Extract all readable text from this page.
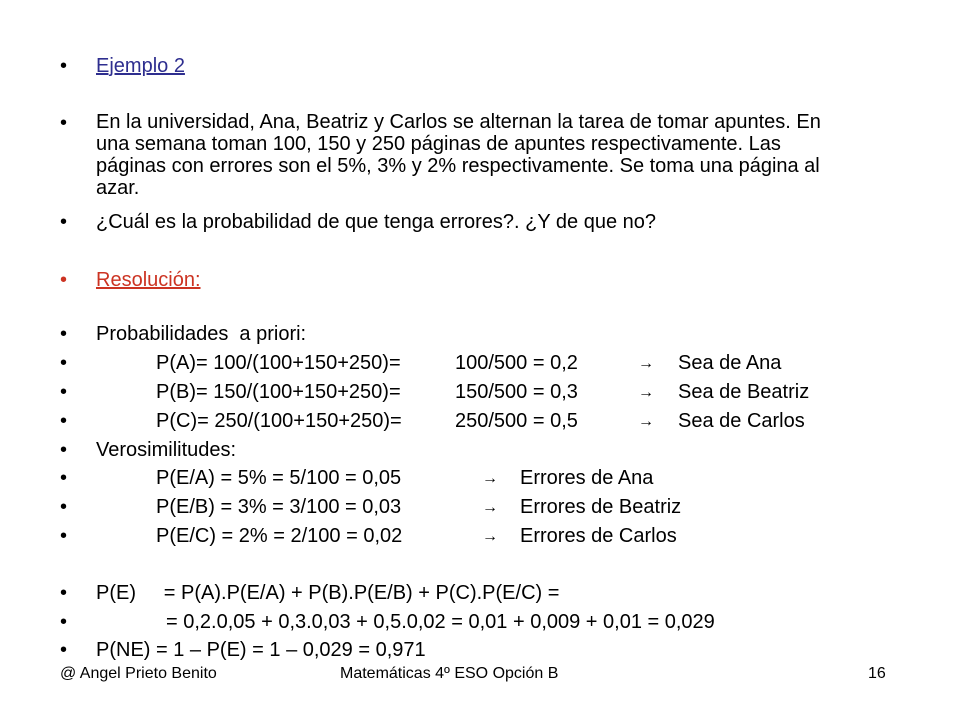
• Ejemplo 2
• En la universidad, Ana, Beatriz y Carlos se alternan la tarea de tomar apuntes. En una semana toman 100, 150 y 250 páginas de apuntes respectivamente. Las páginas con errores son el 5%, 3% y 2% respectivamente. Se toma una página al azar.
• ¿Cuál es la probabilidad de que tenga errores?. ¿Y de que no?
• Resolución:
• Probabilidades  a priori:
•	P(A)= 100/(100+150+250)=	100/500 = 0,2	→ Sea de Ana
•	P(B)= 150/(100+150+250)=	150/500 = 0,3	→ Sea de Beatriz
•	P(C)= 250/(100+150+250)=	250/500 = 0,5	→ Sea de Carlos
• Verosimilitudes:
•	P(E/A) = 5% = 5/100 = 0,05	→ Errores de Ana
•	P(E/B) = 3% = 3/100 = 0,03	→ Errores de Beatriz
•	P(E/C) = 2% = 2/100 = 0,02	→ Errores de Carlos
• P(E)     = P(A).P(E/A) + P(B).P(E/B) + P(C).P(E/C) =
•	= 0,2.0,05 + 0,3.0,03 + 0,5.0,02 = 0,01 + 0,009 + 0,01 = 0,029
• P(NE) = 1 – P(E) = 1 – 0,029 = 0,971
@ Angel Prieto Benito	Matemáticas 4º ESO Opción B	16
